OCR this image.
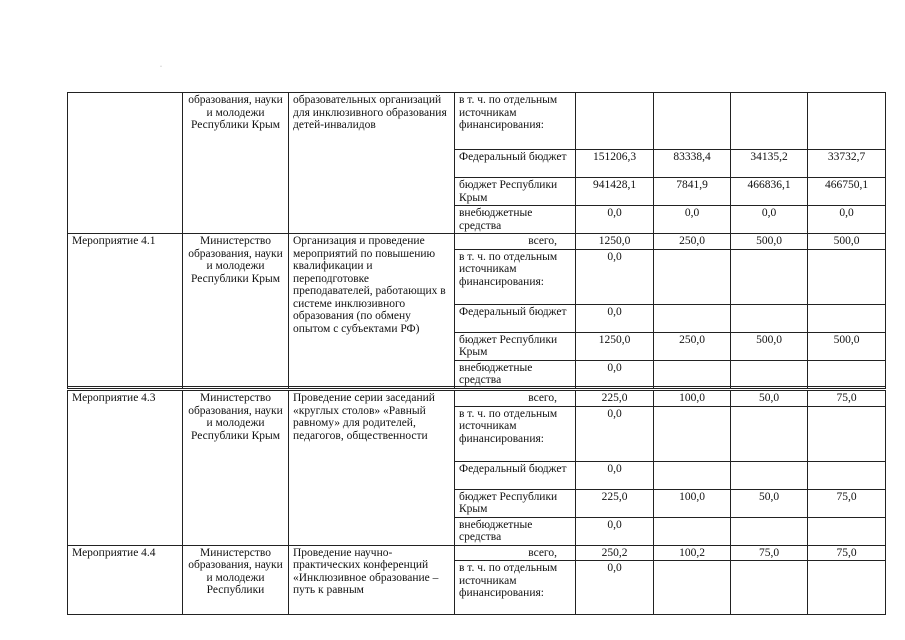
·
	образования, науки и молодежи Республики Крым	образовательных организаций для инклюзивного образования детей-инвалидов	в т. ч. по отдельным источникам финансирования:				
			Федеральный бюджет	151206,3	83338,4	34135,2	33732,7
			бюджет Республики Крым	941428,1	7841,9	466836,1	466750,1
			внебюджетные средства	0,0	0,0	0,0	0,0
Мероприятие 4.1	Министерство образования, науки и молодежи Республики Крым	Организация и проведение мероприятий по повышению квалификации и переподготовке преподавателей, работающих в системе инклюзивного образования (по обмену опытом с субъектами РФ)	всего,	1250,0	250,0	500,0	500,0
			в т. ч. по отдельным источникам финансирования:	0,0			
			Федеральный бюджет	0,0			
			бюджет Республики Крым	1250,0	250,0	500,0	500,0
			внебюджетные средства	0,0			
Мероприятие 4.3	Министерство образования, науки и молодежи Республики Крым	Проведение серии заседаний «круглых столов» «Равный равному» для родителей, педагогов, общественности	всего,	225,0	100,0	50,0	75,0
			в т. ч. по отдельным источникам финансирования:	0,0			
			Федеральный бюджет	0,0			
			бюджет Республики Крым	225,0	100,0	50,0	75,0
			внебюджетные средства	0,0			
Мероприятие 4.4	Министерство образования, науки и молодежи Республики	Проведение научно-практических конференций «Инклюзивное образование – путь к равным	всего,	250,2	100,2	75,0	75,0
			в т. ч. по отдельным источникам финансирования:	0,0			
